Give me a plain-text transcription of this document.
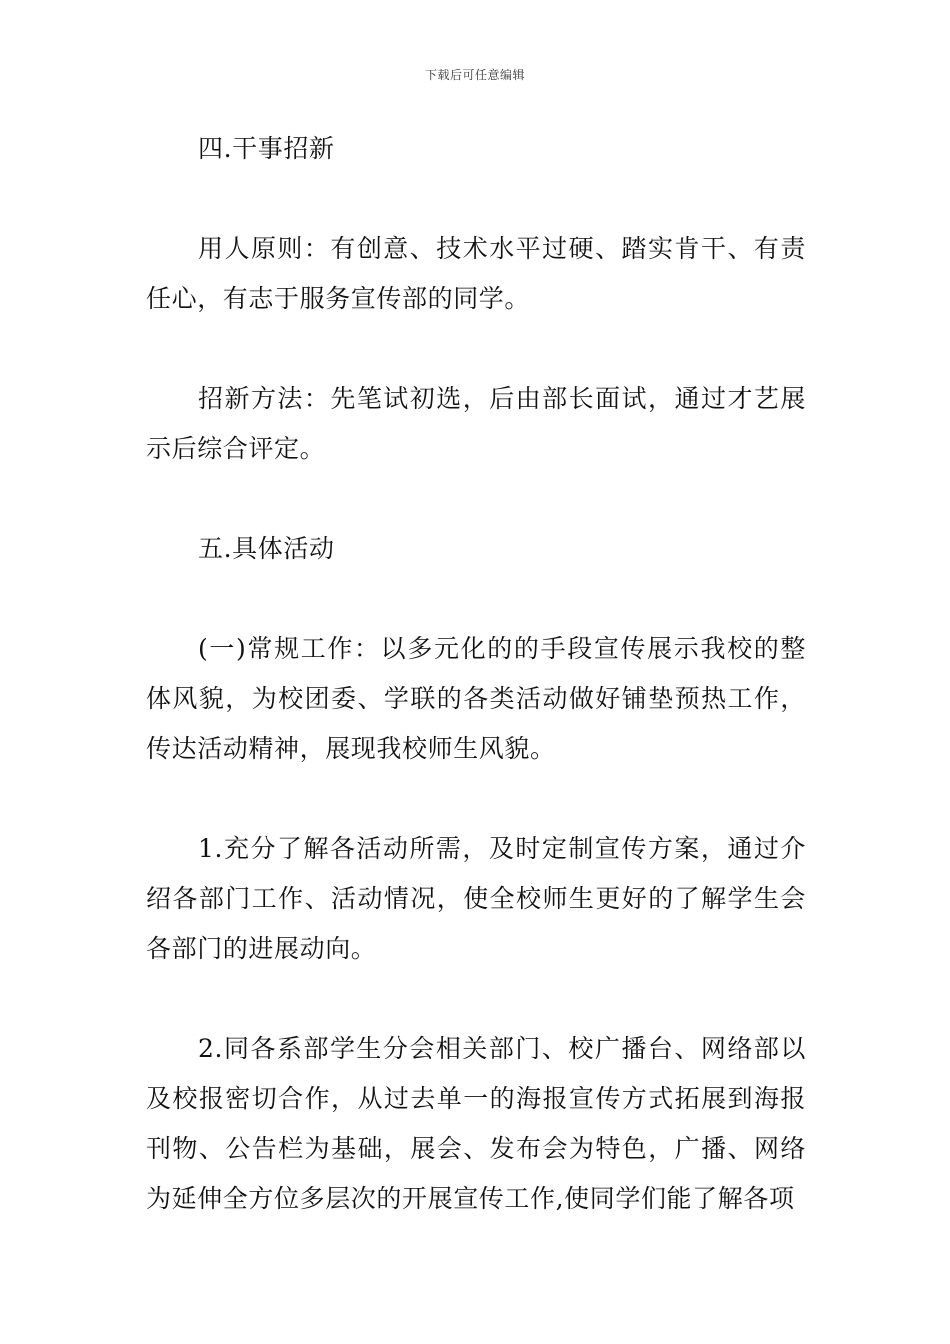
下载后可任意编辑

四.干事招新

用人原则：有创意、技术水平过硬、踏实肯干、有责任心，有志于服务宣传部的同学。

招新方法：先笔试初选，后由部长面试，通过才艺展示后综合评定。

五.具体活动

(一)常规工作：以多元化的的手段宣传展示我校的整体风貌，为校团委、学联的各类活动做好铺垫预热工作，传达活动精神，展现我校师生风貌。

1.充分了解各活动所需，及时定制宣传方案，通过介绍各部门工作、活动情况，使全校师生更好的了解学生会各部门的进展动向。

2.同各系部学生分会相关部门、校广播台、网络部以及校报密切合作，从过去单一的海报宣传方式拓展到海报刊物、公告栏为基础，展会、发布会为特色，广播、网络为延伸全方位多层次的开展宣传工作,使同学们能了解各项
